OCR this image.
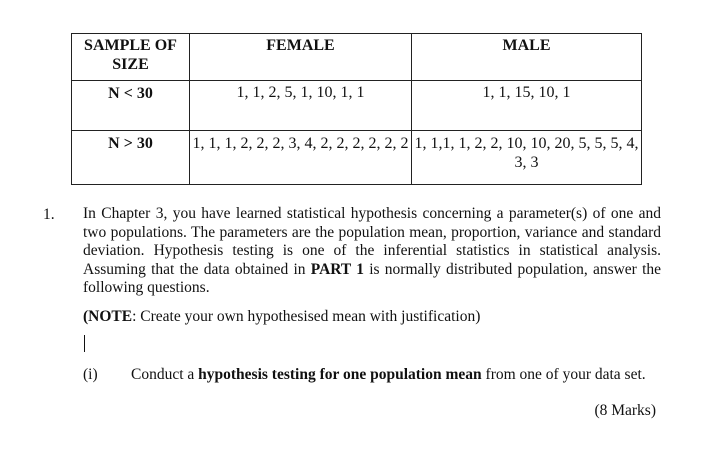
SAMPLE OF SIZE	FEMALE	MALE
N < 30	1, 1, 2, 5, 1, 10, 1, 1	1, 1, 15, 10, 1
N > 30	1, 1, 1, 2, 2, 2, 3, 4, 2, 2, 2, 2, 2, 2	1, 1,1, 1, 2, 2, 10, 10, 20, 5, 5, 5, 4, 3, 3
1. In Chapter 3, you have learned statistical hypothesis concerning a parameter(s) of one and two populations. The parameters are the population mean, proportion, variance and standard deviation. Hypothesis testing is one of the inferential statistics in statistical analysis. Assuming that the data obtained in PART 1 is normally distributed population, answer the following questions.
(NOTE: Create your own hypothesised mean with justification)
(i) Conduct a hypothesis testing for one population mean from one of your data set.
(8 Marks)
